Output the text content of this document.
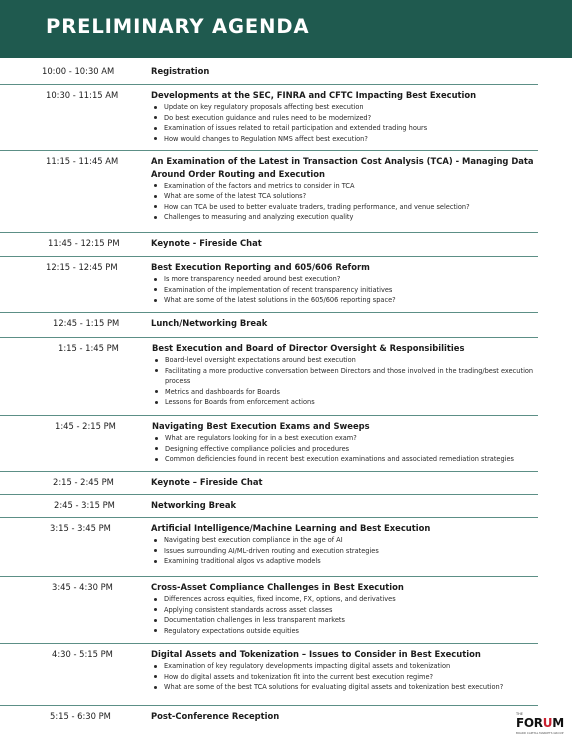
PRELIMINARY AGENDA
10:00 - 10:30 AM	Registration
10:30 - 11:15 AM	Developments at the SEC, FINRA and CFTC Impacting Best Execution
Update on key regulatory proposals affecting best execution
Do best execution guidance and rules need to be modernized?
Examination of issues related to retail participation and extended trading hours
How would changes to Regulation NMS affect best execution?
11:15 - 11:45 AM	An Examination of the Latest in Transaction Cost Analysis (TCA) - Managing Data Around Order Routing and Execution
Examination of the factors and metrics to consider in TCA
What are some of the latest TCA solutions?
How can TCA be used to better evaluate traders, trading performance, and venue selection?
Challenges to measuring and analyzing execution quality
11:45 - 12:15 PM	Keynote - Fireside Chat
12:15 - 12:45 PM	Best Execution Reporting and 605/606 Reform
Is more transparency needed around best execution?
Examination of the implementation of recent transparency initiatives
What are some of the latest solutions in the 605/606 reporting space?
12:45 - 1:15 PM	Lunch/Networking Break
1:15 - 1:45 PM	Best Execution and Board of Director Oversight & Responsibilities
Board-level oversight expectations around best execution
Facilitating a more productive conversation between Directors and those involved in the trading/best execution process
Metrics and dashboards for Boards
Lessons for Boards from enforcement actions
1:45 - 2:15 PM	Navigating Best Execution Exams and Sweeps
What are regulators looking for in a best execution exam?
Designing effective compliance policies and procedures
Common deficiencies found in recent best execution examinations and associated remediation strategies
2:15 - 2:45 PM	Keynote – Fireside Chat
2:45 - 3:15 PM	Networking Break
3:15 - 3:45 PM	Artificial Intelligence/Machine Learning and Best Execution
Navigating best execution compliance in the age of AI
Issues surrounding AI/ML-driven routing and execution strategies
Examining traditional algos vs adaptive models
3:45 - 4:30 PM	Cross-Asset Compliance Challenges in Best Execution
Differences across equities, fixed income, FX, options, and derivatives
Applying consistent standards across asset classes
Documentation challenges in less transparent markets
Regulatory expectations outside equities
4:30 - 5:15 PM	Digital Assets and Tokenization – Issues to Consider in Best Execution
Examination of key regulatory developments impacting digital assets and tokenization
How do digital assets and tokenization fit into the current best execution regime?
What are some of the best TCA solutions for evaluating digital assets and tokenization best execution?
5:15 - 6:30 PM	Post-Conference Reception	THE
FORUM
BOARD CAPITAL MARKETS GROUP
